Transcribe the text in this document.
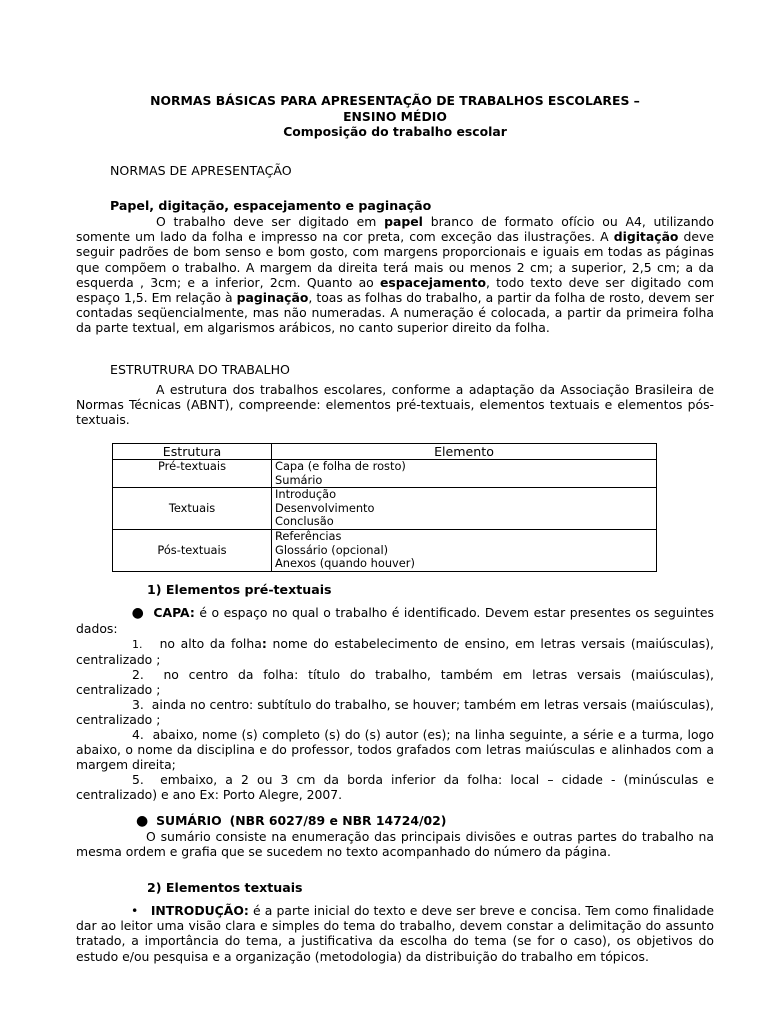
NORMAS BÁSICAS PARA APRESENTAÇÃO DE TRABALHOS ESCOLARES –
ENSINO MÉDIO
Composição do trabalho escolar
NORMAS DE APRESENTAÇÃO
Papel, digitação, espacejamento e paginação

O trabalho deve ser digitado em papel branco de formato ofício ou A4, utilizando somente um lado da folha e impresso na cor preta, com exceção das ilustrações. A digitação deve seguir padrões de bom senso e bom gosto, com margens proporcionais e iguais em todas as páginas que compõem o trabalho. A margem da direita terá mais ou menos 2 cm; a superior, 2,5 cm; a da esquerda , 3cm; e a inferior, 2cm. Quanto ao espacejamento, todo texto deve ser digitado com espaço 1,5. Em relação à paginação, toas as folhas do trabalho, a partir da folha de rosto, devem ser contadas seqüencialmente, mas não numeradas. A numeração é colocada, a partir da primeira folha da parte textual, em algarismos arábicos, no canto superior direito da folha.

ESTRUTRURA DO TRABALHO

A estrutura dos trabalhos escolares, conforme a adaptação da Associação Brasileira de Normas Técnicas (ABNT), compreende: elementos pré-textuais, elementos textuais e elementos pós-textuais.

Estrutura	Elemento
Pré-textuais	Capa (e folha de rosto)
Sumário

Textuais	Introdução
Desenvolvimento
Conclusão

Pós-textuais	Referências
Glossário (opcional)
Anexos (quando houver)
1) Elementos pré-textuais

● CAPA: é o espaço no qual o trabalho é identificado. Devem estar presentes os seguintes dados:

1. no alto da folha: nome do estabelecimento de ensino, em letras versais (maiúsculas), centralizado ;

2. no centro da folha: título do trabalho, também em letras versais (maiúsculas), centralizado ;

3. ainda no centro: subtítulo do trabalho, se houver; também em letras versais (maiúsculas), centralizado ;

4. abaixo, nome (s) completo (s) do (s) autor (es); na linha seguinte, a série e a turma, logo abaixo, o nome da disciplina e do professor, todos grafados com letras maiúsculas e alinhados com a margem direita;

5. embaixo, a 2 ou 3 cm da borda inferior da folha: local – cidade - (minúsculas e centralizado) e ano Ex: Porto Alegre, 2007.

● SUMÁRIO (NBR 6027/89 e NBR 14724/02)

O sumário consiste na enumeração das principais divisões e outras partes do trabalho na mesma ordem e grafia que se sucedem no texto acompanhado do número da página.

2) Elementos textuais

• INTRODUÇÃO: é a parte inicial do texto e deve ser breve e concisa. Tem como finalidade dar ao leitor uma visão clara e simples do tema do trabalho, devem constar a delimitação do assunto tratado, a importância do tema, a justificativa da escolha do tema (se for o caso), os objetivos do estudo e/ou pesquisa e a organização (metodologia) da distribuição do trabalho em tópicos.
